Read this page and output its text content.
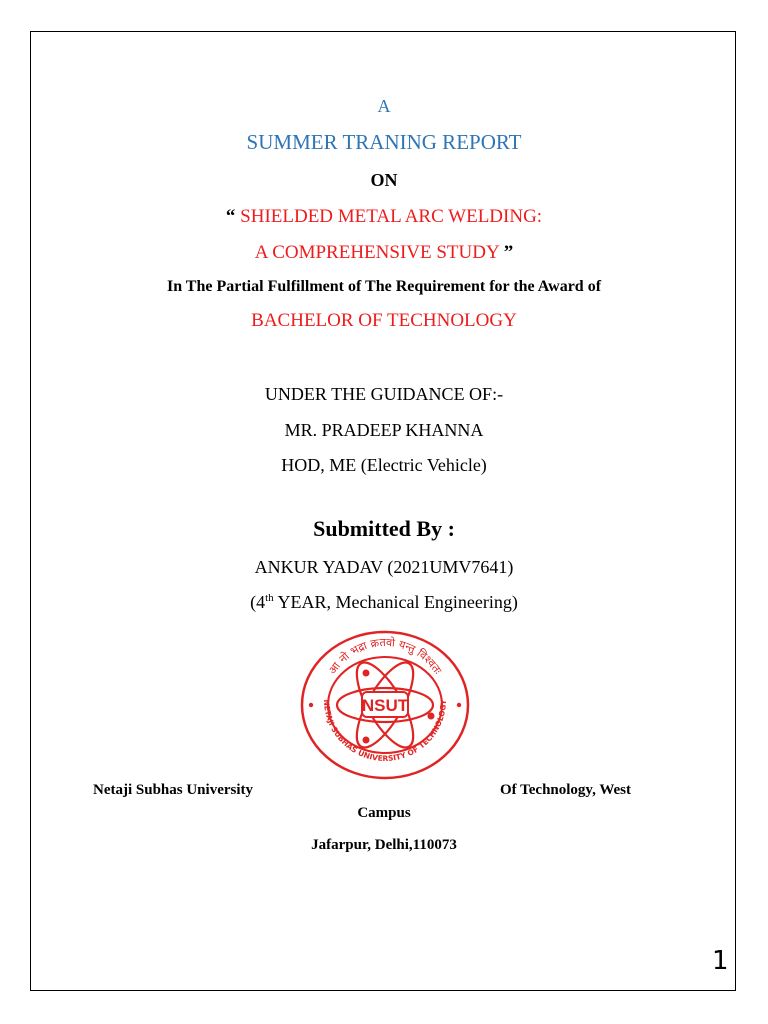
A
SUMMER TRANING REPORT
ON
“ SHIELDED METAL ARC WELDING:
A COMPREHENSIVE STUDY ”
In The Partial Fulfillment of The Requirement for the Award of
BACHELOR OF TECHNOLOGY
UNDER THE GUIDANCE OF:-
MR. PRADEEP KHANNA
HOD, ME (Electric Vehicle)
Submitted By :
ANKUR YADAV (2021UMV7641)
(4th YEAR, Mechanical Engineering)
आ नो भद्रा क्रतवो यन्तु विश्वतः
NETAJI SUBHAS UNIVERSITY OF TECHNOLOGY
NSUT
Netaji Subhas University	Of Technology, West
Campus
Jafarpur, Delhi,110073
1
